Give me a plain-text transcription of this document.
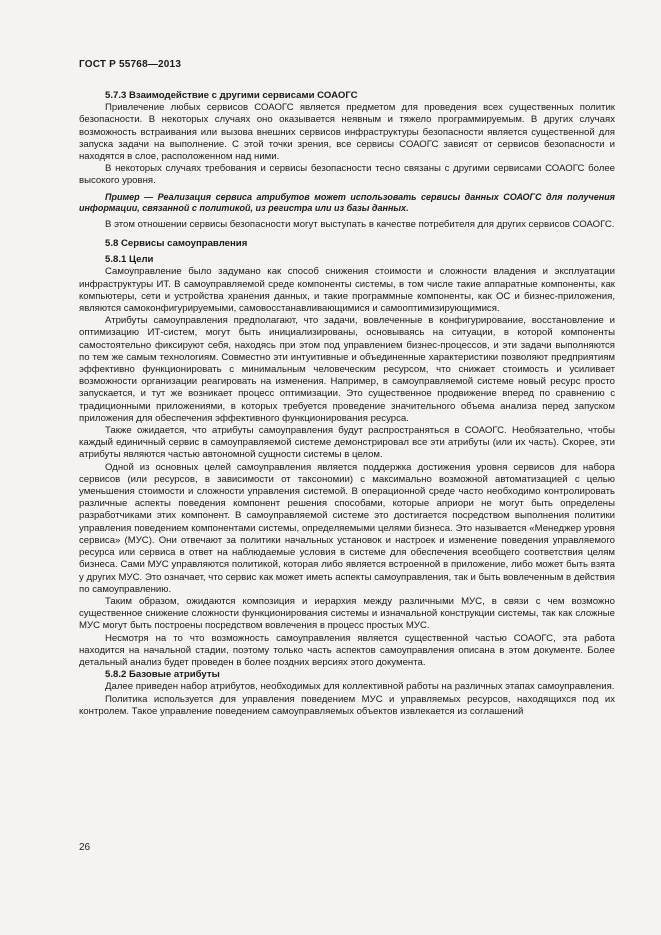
ГОСТ Р 55768—2013
5.7.3 Взаимодействие с другими сервисами СОАОГС

Привлечение любых сервисов СОАОГС является предметом для проведения всех существенных политик безопасности. В некоторых случаях оно оказывается неявным и тяжело программируемым. В других случаях возможность встраивания или вызова внешних сервисов инфраструктуры безопасности является существенной для запуска задачи на выполнение. С этой точки зрения, все сервисы СОАОГС зависят от сервисов безопасности и находятся в слое, расположенном над ними.

В некоторых случаях требования и сервисы безопасности тесно связаны с другими сервисами СОАОГС более высокого уровня.

Пример — Реализация сервиса атрибутов может использовать сервисы данных СОАОГС для получения информации, связанной с политикой, из регистра или из базы данных.

В этом отношении сервисы безопасности могут выступать в качестве потребителя для других сервисов СОАОГС.

5.8 Сервисы самоуправления
5.8.1 Цели

Самоуправление было задумано как способ снижения стоимости и сложности владения и эксплуатации инфраструктуры ИТ. В самоуправляемой среде компоненты системы, в том числе такие аппаратные компоненты, как компьютеры, сети и устройства хранения данных, и такие программные компоненты, как ОС и бизнес-приложения, являются самоконфигурируемыми, самовосстанавливающимися и самооптимизирующимися.

Атрибуты самоуправления предполагают, что задачи, вовлеченные в конфигурирование, восстановление и оптимизацию ИТ-систем, могут быть инициализированы, основываясь на ситуации, в которой компоненты самостоятельно фиксируют себя, находясь при этом под управлением бизнес-процессов, и эти задачи выполняются по тем же самым технологиям. Совместно эти интуитивные и объединенные характеристики позволяют предприятиям эффективно функционировать с минимальным человеческим ресурсом, что снижает стоимость и усиливает возможности организации реагировать на изменения. Например, в самоуправляемой системе новый ресурс просто запускается, и тут же возникает процесс оптимизации. Это существенное продвижение вперед по сравнению с традиционными приложениями, в которых требуется проведение значительного объема анализа перед запуском приложения для обеспечения эффективного функционирования ресурса.

Также ожидается, что атрибуты самоуправления будут распространяться в СОАОГС. Необязательно, чтобы каждый единичный сервис в самоуправляемой системе демонстрировал все эти атрибуты (или их часть). Скорее, эти атрибуты являются частью автономной сущности системы в целом.

Одной из основных целей самоуправления является поддержка достижения уровня сервисов для набора сервисов (или ресурсов, в зависимости от таксономии) с максимально возможной автоматизацией с целью уменьшения стоимости и сложности управления системой. В операционной среде часто необходимо контролировать различные аспекты поведения компонент решения способами, которые априори не могут быть определены разработчиками этих компонент. В самоуправляемой системе это достигается посредством выполнения политики управления поведением компонентами системы, определяемыми целями бизнеса. Это называется «Менеджер уровня сервиса» (МУС). Они отвечают за политики начальных установок и настроек и изменение поведения управляемого ресурса или сервиса в ответ на наблюдаемые условия в системе для обеспечения всеобщего соответствия целям бизнеса. Сами МУС управляются политикой, которая либо является встроенной в приложение, либо может быть взята у других МУС. Это означает, что сервис как может иметь аспекты самоуправления, так и быть вовлеченным в действия по самоуправлению.

Таким образом, ожидаются композиция и иерархия между различными МУС, в связи с чем возможно существенное снижение сложности функционирования системы и изначальной конструкции системы, так как сложные МУС могут быть построены посредством вовлечения в процесс простых МУС.

Несмотря на то что возможность самоуправления является существенной частью СОАОГС, эта работа находится на начальной стадии, поэтому только часть аспектов самоуправления описана в этом документе. Более детальный анализ будет проведен в более поздних версиях этого документа.

5.8.2 Базовые атрибуты

Далее приведен набор атрибутов, необходимых для коллективной работы на различных этапах самоуправления.

Политика используется для управления поведением МУС и управляемых ресурсов, находящихся под их контролем. Такое управление поведением самоуправляемых объектов извлекается из соглашений

26
